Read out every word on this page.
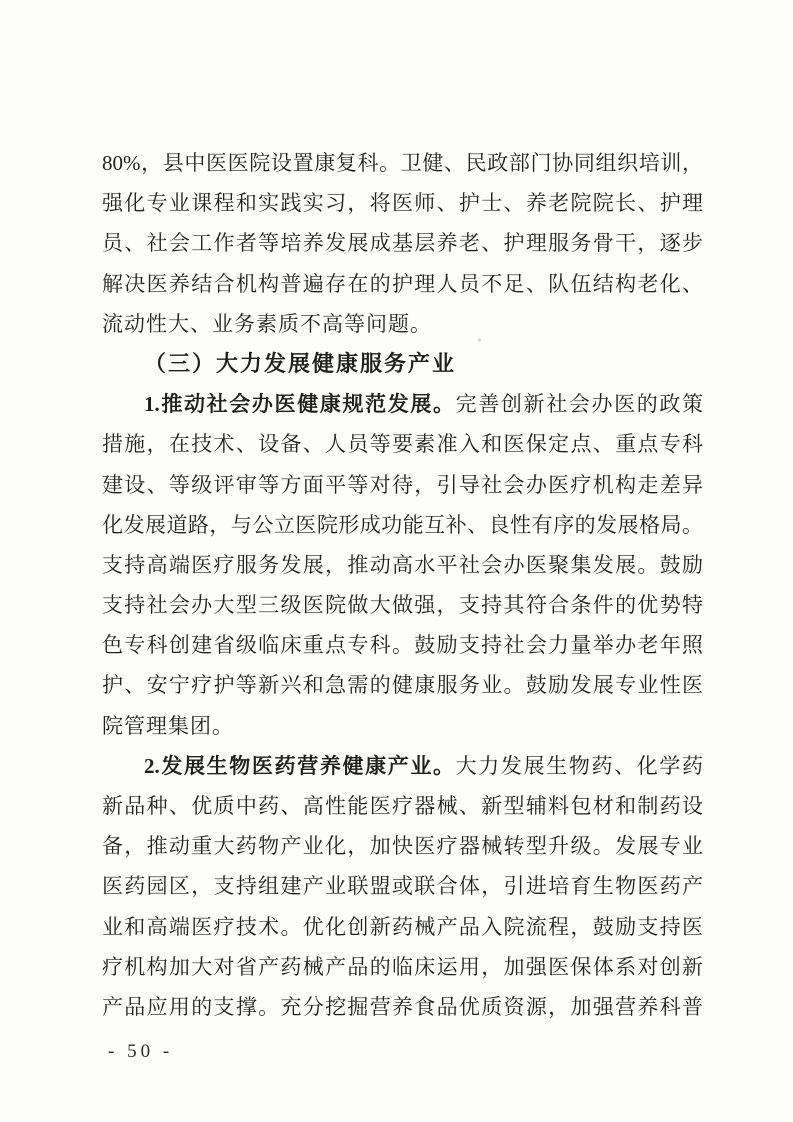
80%，县中医医院设置康复科。卫健、民政部门协同组织培训，
强化专业课程和实践实习，将医师、护士、养老院院长、护理
员、社会工作者等培养发展成基层养老、护理服务骨干，逐步
解决医养结合机构普遍存在的护理人员不足、队伍结构老化、
流动性大、业务素质不高等问题。
（三）大力发展健康服务产业
1.推动社会办医健康规范发展。完善创新社会办医的政策
措施，在技术、设备、人员等要素准入和医保定点、重点专科
建设、等级评审等方面平等对待，引导社会办医疗机构走差异
化发展道路，与公立医院形成功能互补、良性有序的发展格局。
支持高端医疗服务发展，推动高水平社会办医聚集发展。鼓励
支持社会办大型三级医院做大做强，支持其符合条件的优势特
色专科创建省级临床重点专科。鼓励支持社会力量举办老年照
护、安宁疗护等新兴和急需的健康服务业。鼓励发展专业性医
院管理集团。
2.发展生物医药营养健康产业。大力发展生物药、化学药
新品种、优质中药、高性能医疗器械、新型辅料包材和制药设
备，推动重大药物产业化，加快医疗器械转型升级。发展专业
医药园区，支持组建产业联盟或联合体，引进培育生物医药产
业和高端医疗技术。优化创新药械产品入院流程，鼓励支持医
疗机构加大对省产药械产品的临床运用，加强医保体系对创新
产品应用的支撑。充分挖掘营养食品优质资源，加强营养科普
- 50 -
